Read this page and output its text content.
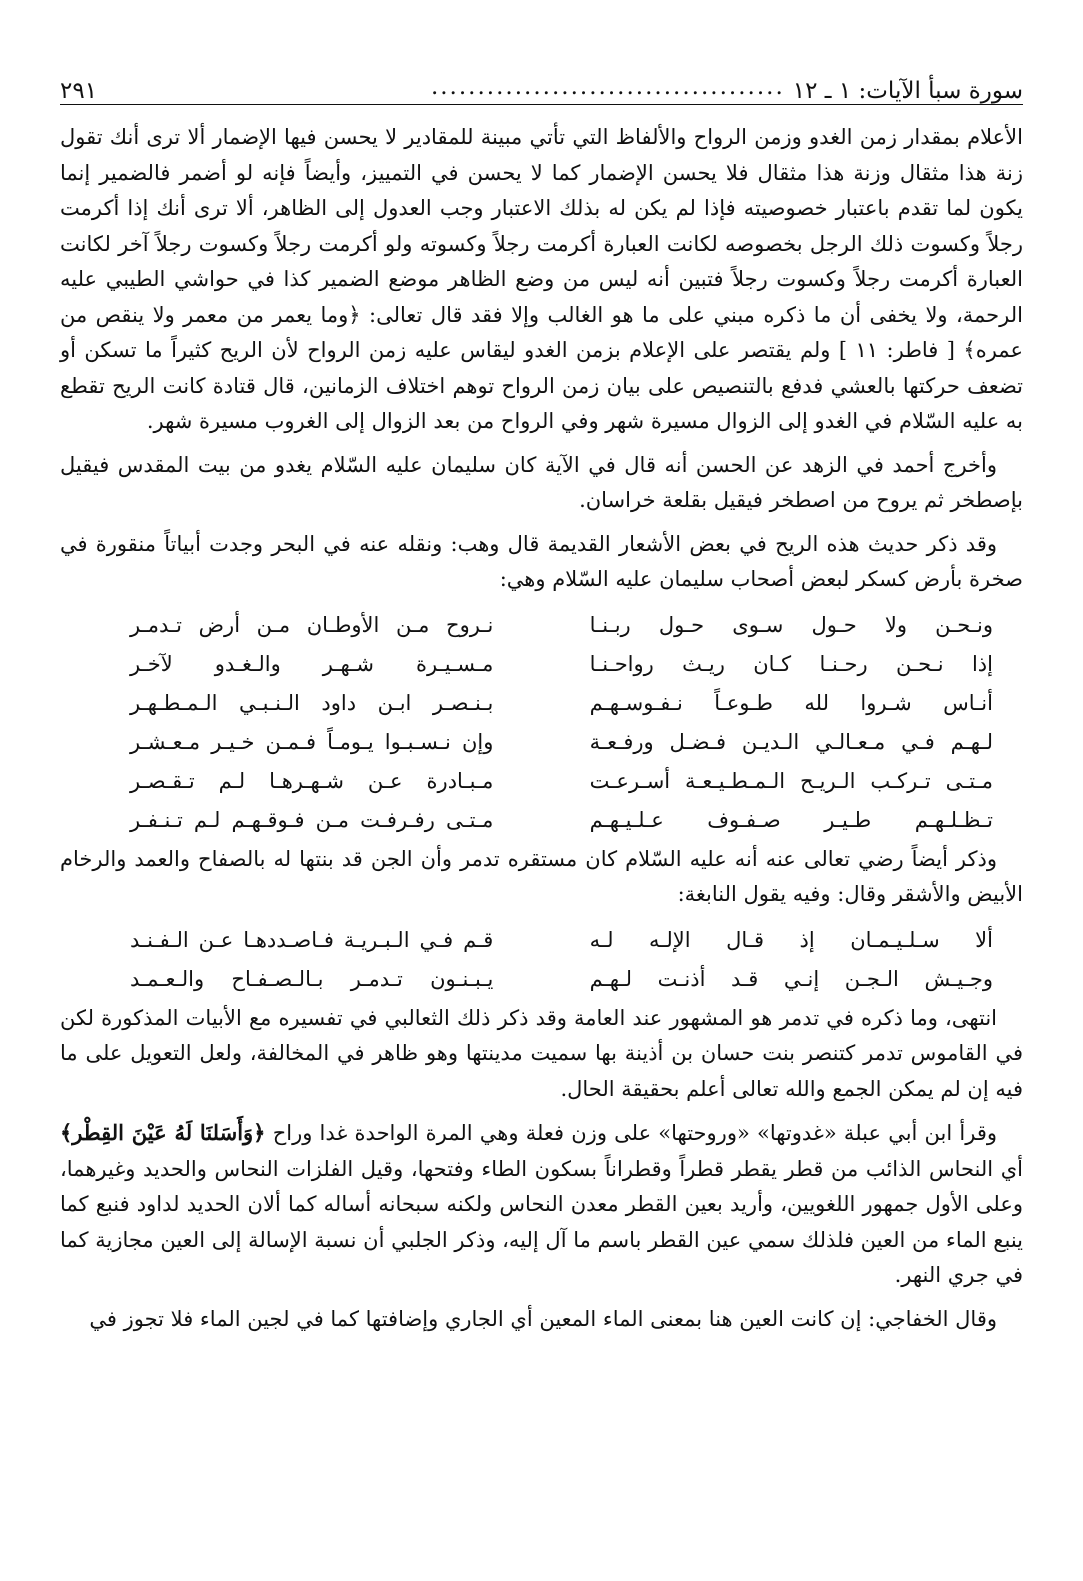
سورة سبأ الآيات: ١ ـ ١٢
......................................
٢٩١

الأعلام بمقدار زمن الغدو وزمن الرواح والألفاظ التي تأتي مبينة للمقادير لا يحسن فيها الإضمار ألا ترى أنك تقول زنة هذا مثقال وزنة هذا مثقال فلا يحسن الإضمار كما لا يحسن في التمييز، وأيضاً فإنه لو أضمر فالضمير إنما يكون لما تقدم باعتبار خصوصيته فإذا لم يكن له بذلك الاعتبار وجب العدول إلى الظاهر، ألا ترى أنك إذا أكرمت رجلاً وكسوت ذلك الرجل بخصوصه لكانت العبارة أكرمت رجلاً وكسوته ولو أكرمت رجلاً وكسوت رجلاً آخر لكانت العبارة أكرمت رجلاً وكسوت رجلاً فتبين أنه ليس من وضع الظاهر موضع الضمير كذا في حواشي الطيبي عليه الرحمة، ولا يخفى أن ما ذكره مبني على ما هو الغالب وإلا فقد قال تعالى: ﴿وما يعمر من معمر ولا ينقص من عمره﴾ [ فاطر: ١١ ] ولم يقتصر على الإعلام بزمن الغدو ليقاس عليه زمن الرواح لأن الريح كثيراً ما تسكن أو تضعف حركتها بالعشي فدفع بالتنصيص على بيان زمن الرواح توهم اختلاف الزمانين، قال قتادة كانت الريح تقطع به عليه السّلام في الغدو إلى الزوال مسيرة شهر وفي الرواح من بعد الزوال إلى الغروب مسيرة شهر.

وأخرج أحمد في الزهد عن الحسن أنه قال في الآية كان سليمان عليه السّلام يغدو من بيت المقدس فيقيل بإصطخر ثم يروح من اصطخر فيقيل بقلعة خراسان.

وقد ذكر حديث هذه الريح في بعض الأشعار القديمة قال وهب: ونقله عنه في البحر وجدت أبياتاً منقورة في صخرة بأرض كسكر لبعض أصحاب سليمان عليه السّلام وهي:

ونـحـن ولا حـول سـوى حـول ربـنـا
نـروح مـن الأوطـان مـن أرض تـدمـر
إذا نـحـن رحـنـا كـان ريـث رواحـنـا
مـسـيـرة شـهـر والـغـدو لآخـر
أنـاس شـروا لله طـوعـاً نـفـوسـهـم
بـنـصـر ابـن داود الـنـبـي الـمـطـهـر
لـهـم فـي مـعـالـي الـديـن فـضـل ورفـعـة
وإن نـسـبـوا يـومـاً فـمـن خـيـر مـعـشـر
مـتـى تـركـب الـريـح الـمـطـيـعـة أسـرعـت
مـبـادرة عـن شـهـرهـا لـم تـقـصـر
تـظـلـهـم طـيـر صـفـوف عـلـيـهـم
مـتـى رفـرفـت مـن فـوقـهـم لـم تـنـفـر

وذكر أيضاً رضي تعالى عنه أنه عليه السّلام كان مستقره تدمر وأن الجن قد بنتها له بالصفاح والعمد والرخام الأبيض والأشقر وقال: وفيه يقول النابغة:

ألا سـلـيـمـان إذ قـال الإلـه لـه
قـم فـي الـبـريـة فـاصـددهـا عـن الـفـنـد
وجـيـش الـجـن إنـي قـد أذنـت لـهـم
يـبـنـون تـدمـر بـالـصـفـاح والـعـمـد

انتهى، وما ذكره في تدمر هو المشهور عند العامة وقد ذكر ذلك الثعالبي في تفسيره مع الأبيات المذكورة لكن في القاموس تدمر كتنصر بنت حسان بن أذينة بها سميت مدينتها وهو ظاهر في المخالفة، ولعل التعويل على ما فيه إن لم يمكن الجمع والله تعالى أعلم بحقيقة الحال.

وقرأ ابن أبي عبلة «غدوتها» «وروحتها» على وزن فعلة وهي المرة الواحدة غدا وراح ﴿وَأَسَلنَا لَهُ عَيْنَ القِطْر﴾ أي النحاس الذائب من قطر يقطر قطراً وقطراناً بسكون الطاء وفتحها، وقيل الفلزات النحاس والحديد وغيرهما، وعلى الأول جمهور اللغويين، وأريد بعين القطر معدن النحاس ولكنه سبحانه أساله كما ألان الحديد لداود فنبع كما ينبع الماء من العين فلذلك سمي عين القطر باسم ما آل إليه، وذكر الجلبي أن نسبة الإسالة إلى العين مجازية كما في جري النهر.

وقال الخفاجي: إن كانت العين هنا بمعنى الماء المعين أي الجاري وإضافتها كما في لجين الماء فلا تجوز في
